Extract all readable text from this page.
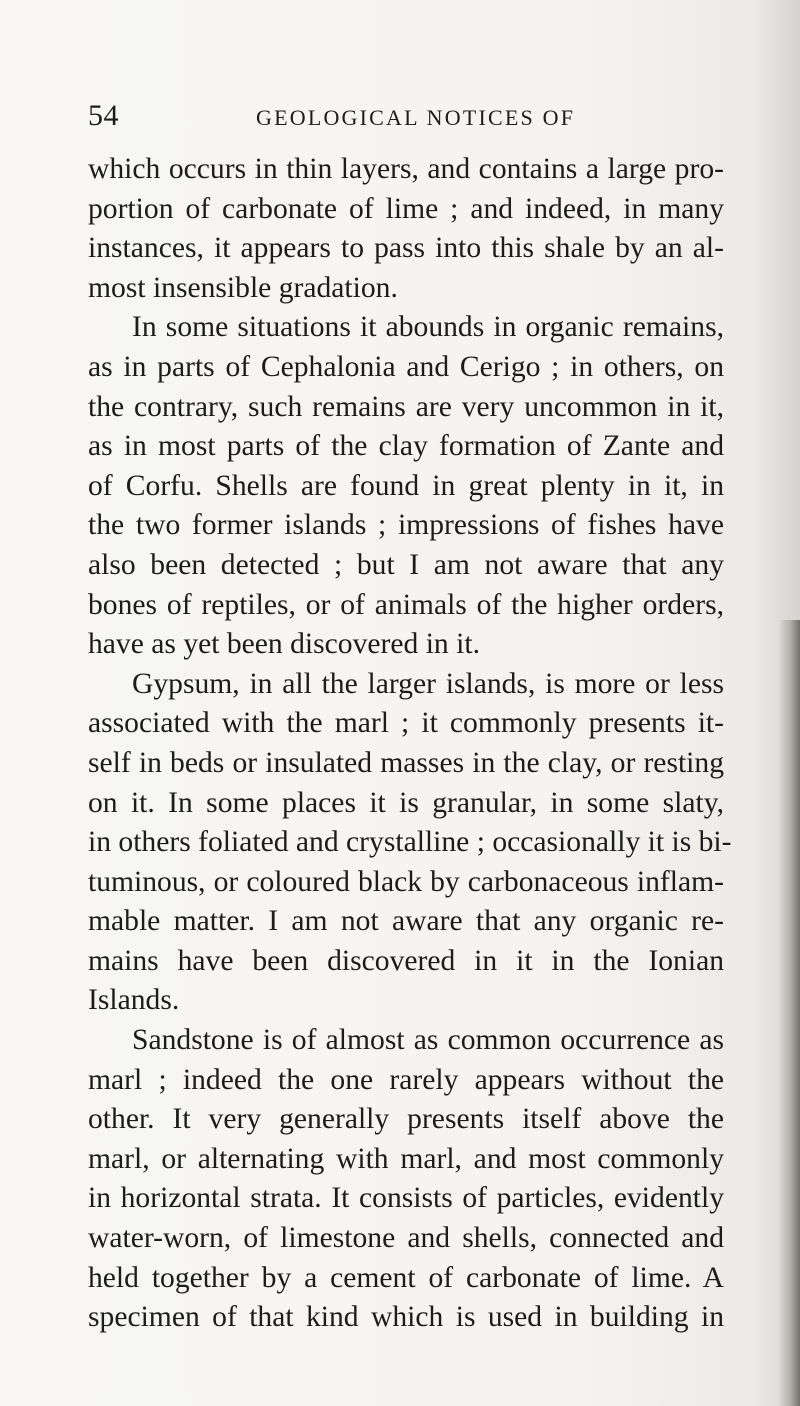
54	GEOLOGICAL NOTICES OF
which occurs in thin layers, and contains a large pro-
portion of carbonate of lime ; and indeed, in many
instances, it appears to pass into this shale by an al-
most insensible gradation.
In some situations it abounds in organic remains,
as in parts of Cephalonia and Cerigo ; in others, on
the contrary, such remains are very uncommon in it,
as in most parts of the clay formation of Zante and
of Corfu. Shells are found in great plenty in it, in
the two former islands ; impressions of fishes have
also been detected ; but I am not aware that any
bones of reptiles, or of animals of the higher orders,
have as yet been discovered in it.
Gypsum, in all the larger islands, is more or less
associated with the marl ; it commonly presents it-
self in beds or insulated masses in the clay, or resting
on it. In some places it is granular, in some slaty,
in others foliated and crystalline ; occasionally it is bi-
tuminous, or coloured black by carbonaceous inflam-
mable matter. I am not aware that any organic re-
mains have been discovered in it in the Ionian
Islands.
Sandstone is of almost as common occurrence as
marl ; indeed the one rarely appears without the
other. It very generally presents itself above the
marl, or alternating with marl, and most commonly
in horizontal strata. It consists of particles, evidently
water-worn, of limestone and shells, connected and
held together by a cement of carbonate of lime. A
specimen of that kind which is used in building in
